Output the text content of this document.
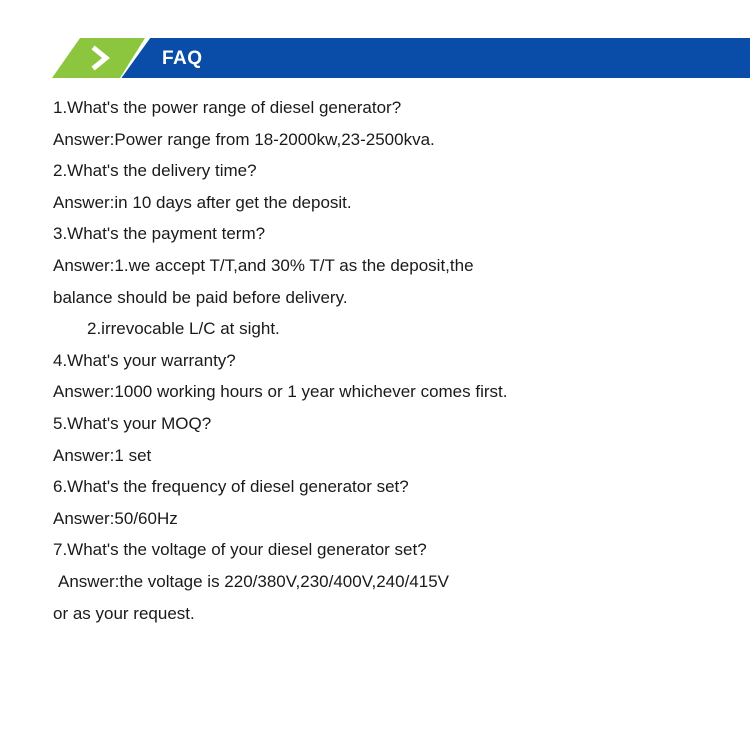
FAQ
1.What's the power range of diesel generator?
Answer:Power range from 18-2000kw,23-2500kva.
2.What's the delivery time?
Answer:in 10 days after get the deposit.
3.What's the payment term?
Answer:1.we accept T/T,and 30% T/T as the deposit,the
balance should be paid before delivery.
2.irrevocable L/C at sight.
4.What's your warranty?
Answer:1000 working hours or 1 year whichever comes first.
5.What's your MOQ?
Answer:1 set
6.What's the frequency of diesel generator set?
Answer:50/60Hz
7.What's the voltage of your diesel generator set?
Answer:the voltage is 220/380V,230/400V,240/415V
or as your request.
